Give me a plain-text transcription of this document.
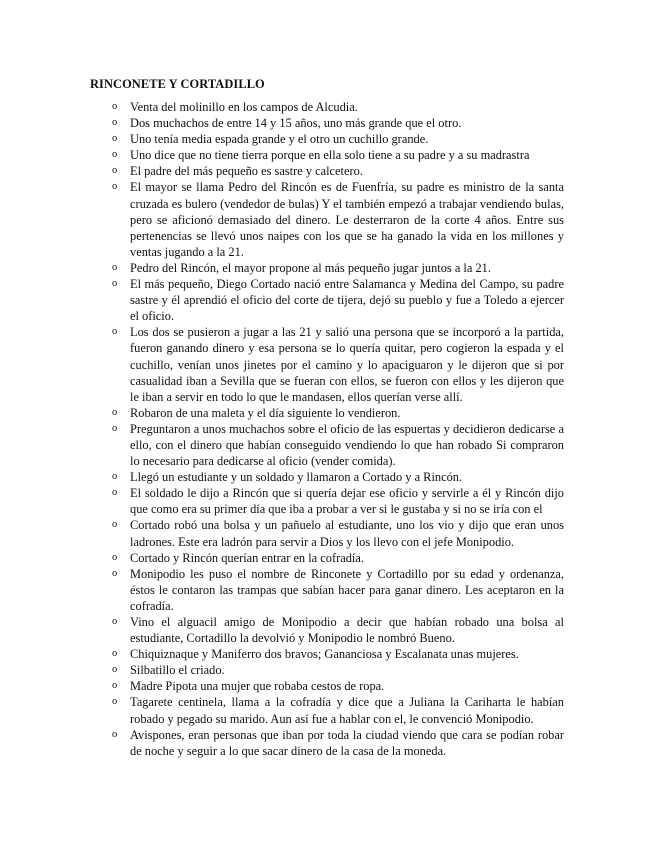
RINCONETE Y CORTADILLO
o Venta del molinillo en los campos de Alcudia.
o Dos muchachos de entre 14 y 15 años, uno más grande que el otro.
o Uno tenía media espada grande y el otro un cuchillo grande.
o Uno dice que no tiene tierra porque en ella solo tiene a su padre y a su madrastra
o El padre del más pequeño es sastre y calcetero.
o El mayor se llama Pedro del Rincón es de Fuenfría, su padre es ministro de la santa cruzada es bulero (vendedor de bulas) Y el también empezó a trabajar vendiendo bulas, pero se aficionó demasiado del dinero. Le desterraron de la corte 4 años. Entre sus pertenencias se llevó unos naipes con los que se ha ganado la vida en los millones y ventas jugando a la 21.
o Pedro del Rincón, el mayor propone al más pequeño jugar juntos a la 21.
o El más pequeño, Diego Cortado nació entre Salamanca y Medina del Campo, su padre sastre y él aprendió el oficio del corte de tijera, dejó su pueblo y fue a Toledo a ejercer el oficio.
o Los dos se pusieron a jugar a las 21 y salió una persona que se incorporó a la partida, fueron ganando dinero y esa persona se lo quería quitar, pero cogieron la espada y el cuchillo, venían unos jinetes por el camino y lo apaciguaron y le dijeron que si por casualidad iban a Sevilla que se fueran con ellos, se fueron con ellos y les dijeron que le iban a servir en todo lo que le mandasen, ellos querían verse allí.
o Robaron de una maleta y el día siguiente lo vendieron.
o Preguntaron a unos muchachos sobre el oficio de las espuertas y decidieron dedicarse a ello, con el dinero que habían conseguido vendiendo lo que han robado Si compraron lo necesario para dedicarse al oficio (vender comida).
o Llegó un estudiante y un soldado y llamaron a Cortado y a Rincón.
o El soldado le dijo a Rincón que si quería dejar ese oficio y servirle a él y Rincón dijo que como era su primer día que iba a probar a ver si le gustaba y si no se iría con el
o Cortado robó una bolsa y un pañuelo al estudiante, uno los vio y dijo que eran unos ladrones. Este era ladrón para servir a Dios y los llevo con el jefe Monipodio.
o Cortado y Rincón querían entrar en la cofradía.
o Monipodio les puso el nombre de Rinconete y Cortadillo por su edad y ordenanza, éstos le contaron las trampas que sabían hacer para ganar dinero. Les aceptaron en la cofradía.
o Vino el alguacil amigo de Monipodio a decir que habían robado una bolsa al estudiante, Cortadillo la devolvió y Monipodio le nombró Bueno.
o Chiquiznaque y Maniferro dos bravos; Gananciosa y Escalanata unas mujeres.
o Silbatillo el criado.
o Madre Pipota una mujer que robaba cestos de ropa.
o Tagarete centinela, llama a la cofradía y dice que a Juliana la Cariharta le habían robado y pegado su marido. Aun así fue a hablar con el, le convenció Monipodio.
o Avispones, eran personas que iban por toda la ciudad viendo que cara se podían robar de noche y seguir a lo que sacar dinero de la casa de la moneda.
